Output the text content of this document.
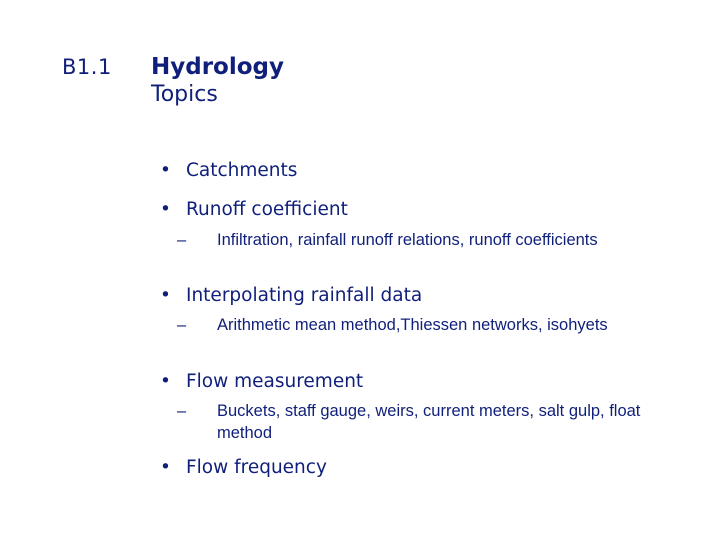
B1.1 Hydrology
Topics
• Catchments
• Runoff coefficient
– Infiltration, rainfall runoff relations, runoff coefficients
• Interpolating rainfall data
– Arithmetic mean method,Thiessen networks, isohyets
• Flow measurement
– Buckets, staff gauge, weirs, current meters, salt gulp, float method
• Flow frequency
